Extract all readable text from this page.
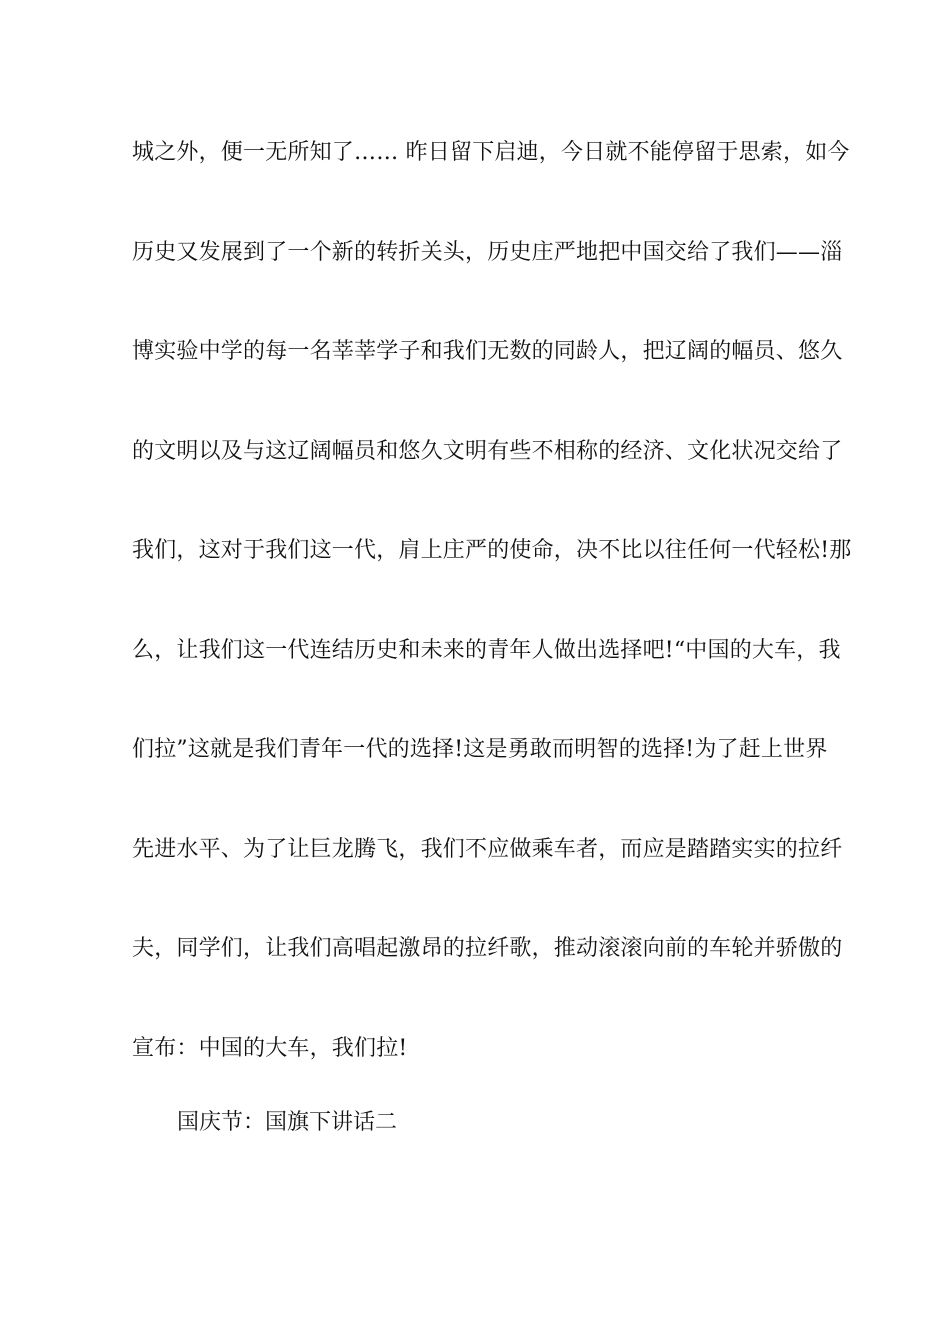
城之外，便一无所知了…… 昨日留下启迪，今日就不能停留于思索，如今
历史又发展到了一个新的转折关头，历史庄严地把中国交给了我们——淄
博实验中学的每一名莘莘学子和我们无数的同龄人，把辽阔的幅员、悠久
的文明以及与这辽阔幅员和悠久文明有些不相称的经济、文化状况交给了
我们，这对于我们这一代，肩上庄严的使命，决不比以往任何一代轻松!那
么，让我们这一代连结历史和未来的青年人做出选择吧!“中国的大车，我
们拉”这就是我们青年一代的选择!这是勇敢而明智的选择!为了赶上世界
先进水平、为了让巨龙腾飞，我们不应做乘车者，而应是踏踏实实的拉纤
夫，同学们，让我们高唱起激昂的拉纤歌，推动滚滚向前的车轮并骄傲的
宣布：中国的大车，我们拉!
国庆节：国旗下讲话二
